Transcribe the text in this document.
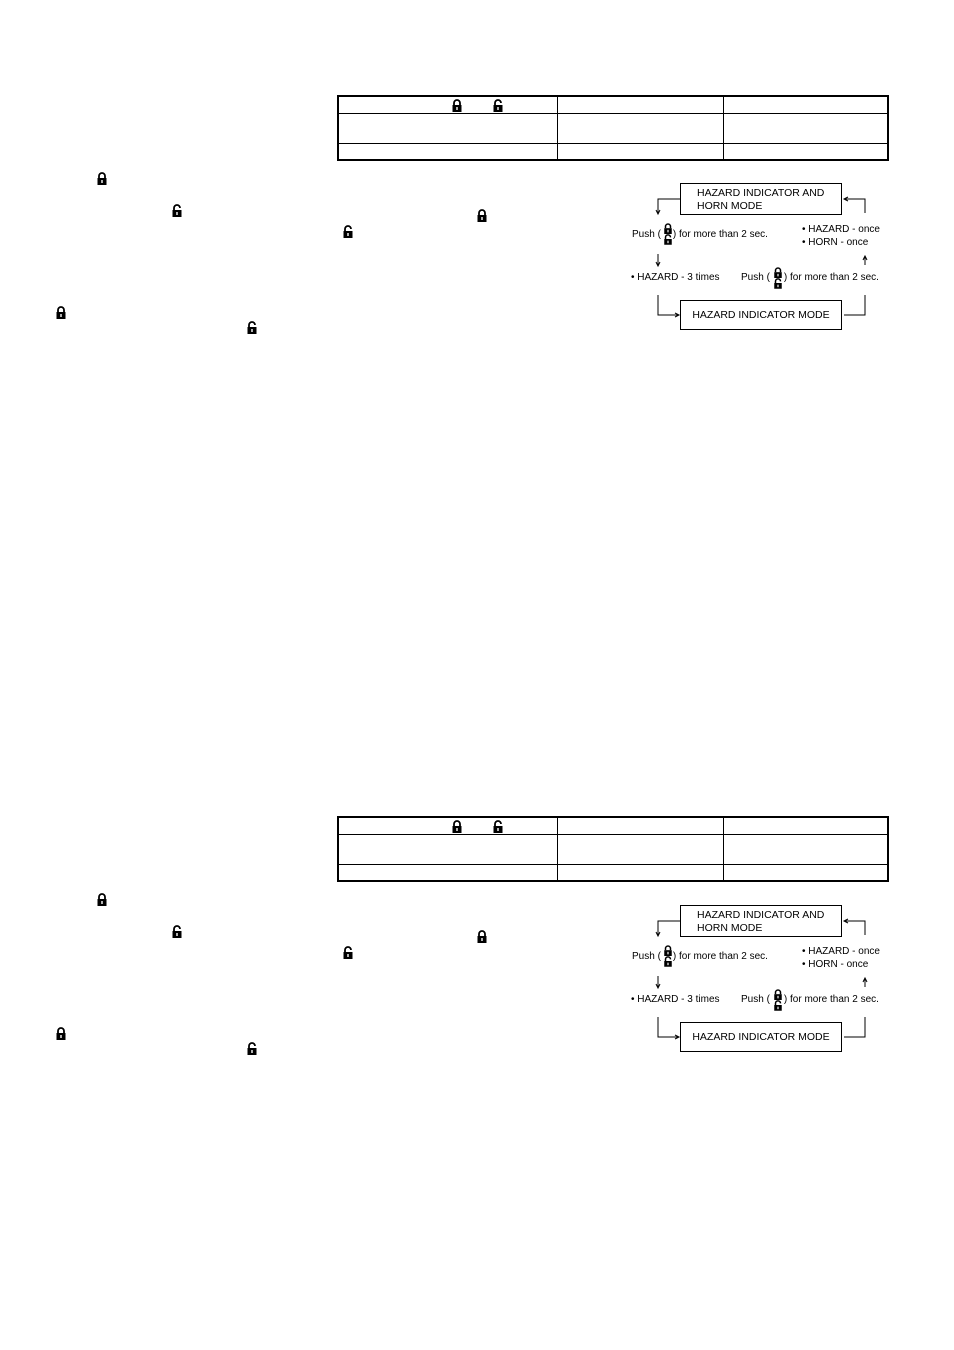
HAZARD INDICATOR AND
HORN MODE
Push ( ) for more than 2 sec.	• HAZARD - once
• HORN - once
• HAZARD - 3 times Push ( ) for more than 2 sec.
HAZARD INDICATOR MODE
HAZARD INDICATOR AND
HORN MODE
Push ( ) for more than 2 sec.	• HAZARD - once
• HORN - once
• HAZARD - 3 times Push ( ) for more than 2 sec.
HAZARD INDICATOR MODE
